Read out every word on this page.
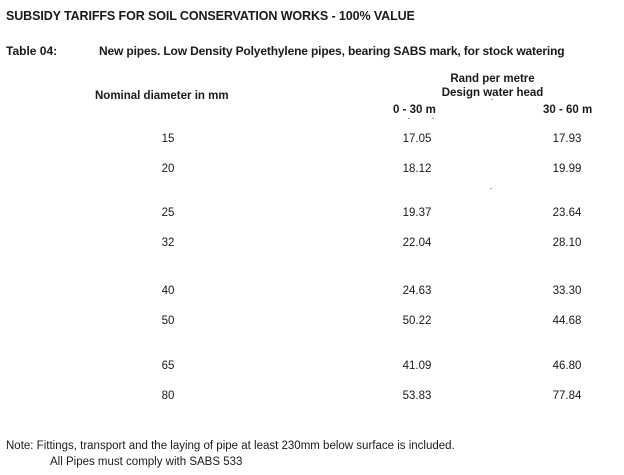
SUBSIDY TARIFFS FOR SOIL CONSERVATION WORKS - 100% VALUE
Table 04:	New pipes. Low Density Polyethylene pipes, bearing SABS mark, for stock watering
Nominal diameter in mm
Rand per metre
Design water head
0 - 30 m	30 - 60 m
15	17.05	17.93
20	18.12	19.99
25	19.37	23.64
32	22.04	28.10
40	24.63	33.30
50	50.22	44.68
65	41.09	46.80
80	53.83	77.84
Note: Fittings, transport and the laying of pipe at least 230mm below surface is included.
All Pipes must comply with SABS 533
